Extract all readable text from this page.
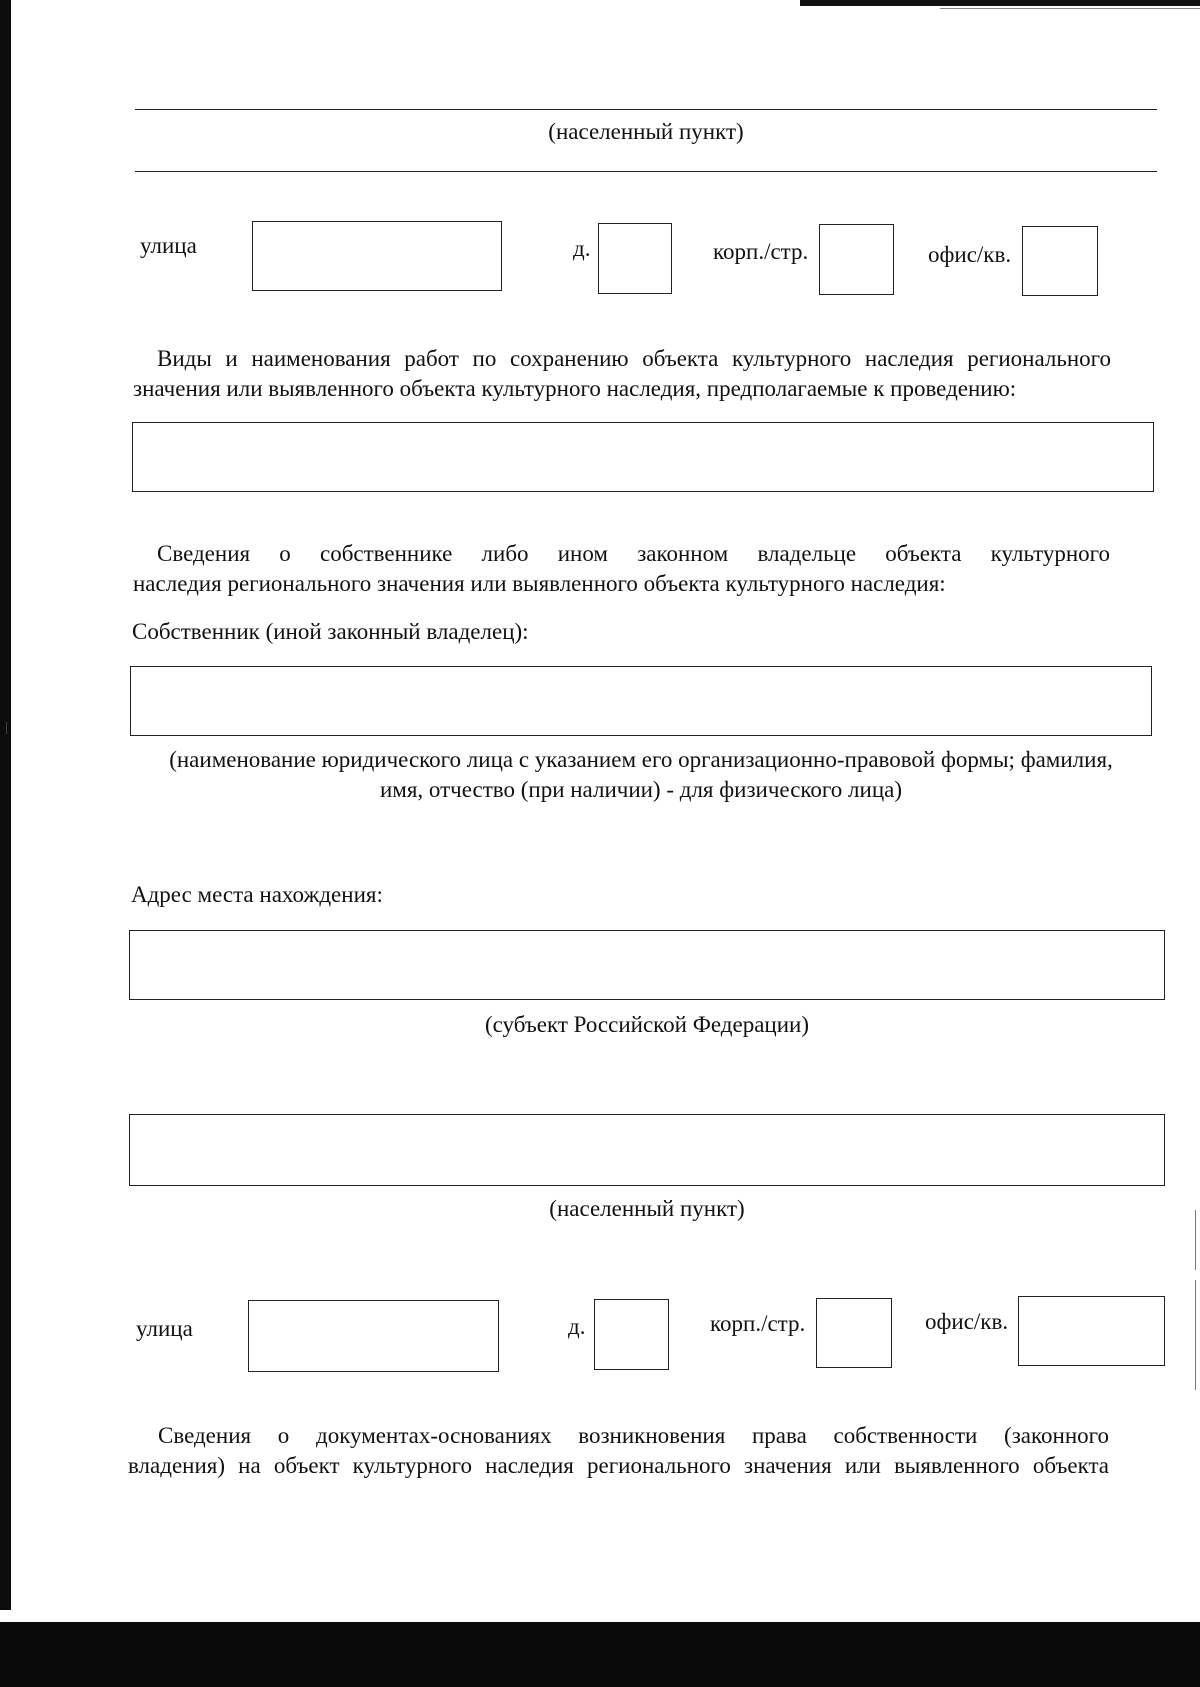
(населенный пункт)
улица	д.	корп./стр.	офис/кв.
Виды и наименования работ по сохранению объекта культурного наследия регионального
значения или выявленного объекта культурного наследия, предполагаемые к проведению:
Сведения о собственнике либо ином законном владельце объекта культурного
наследия регионального значения или выявленного объекта культурного наследия:
Собственник (иной законный владелец):
(наименование юридического лица с указанием его организационно-правовой формы; фамилия,
имя, отчество (при наличии) - для физического лица)
Адрес места нахождения:
(субъект Российской Федерации)
(населенный пункт)
улица	д.	корп./стр.	офис/кв.
Сведения о документах-основаниях возникновения права собственности (законного
владения) на объект культурного наследия регионального значения или выявленного объекта
